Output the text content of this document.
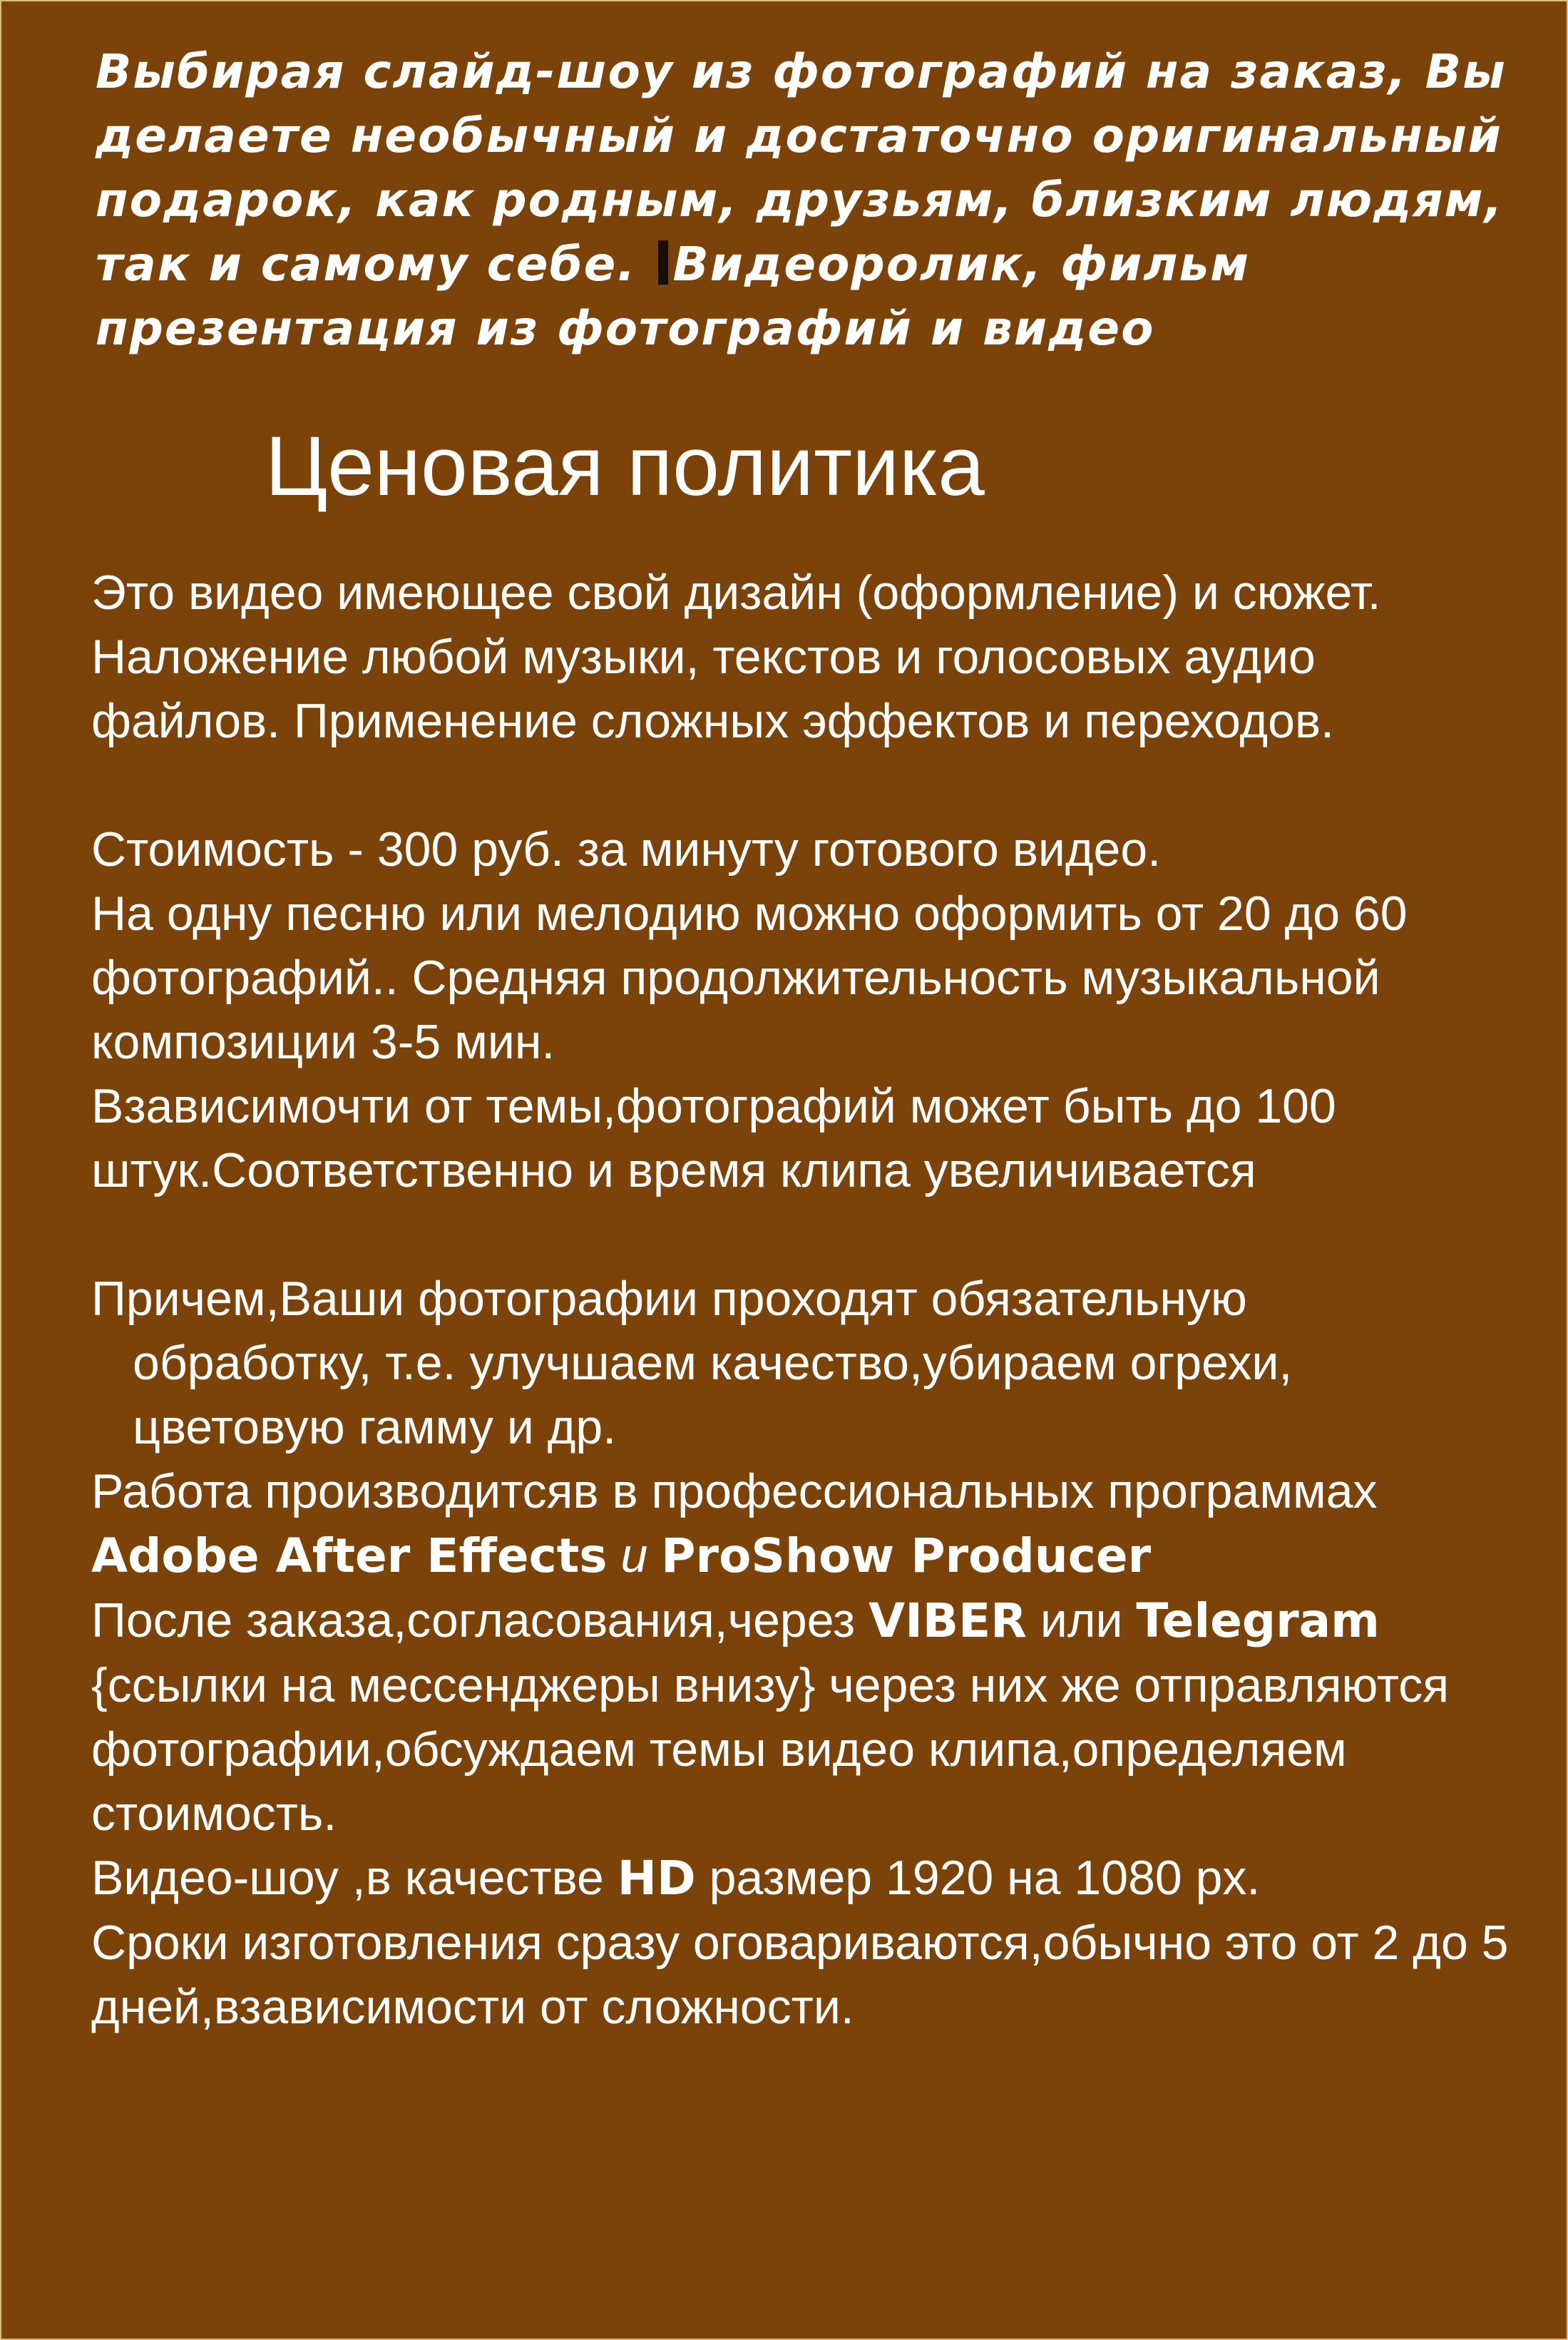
Выбирая слайд-шоу из фотографий на заказ, Вы делаете необычный и достаточно оригинальный подарок, как родным, друзьям, близким людям, так и самому себе. Видеоролик, фильм презентация из фотографий и видео
Ценовая политика

Это видео имеющее свой дизайн (оформление) и сюжет. Наложение любой музыки, текстов и голосовых аудио файлов. Применение сложных эффектов и переходов.

Стоимость - 300 руб. за минуту готового видео.

На одну песню или мелодию можно оформить от 20 до 60 фотографий.. Средняя продолжительность музыкальной композиции 3-5 мин.

Взависимочти от темы,фотографий может быть до 100 штук.Соответственно и время клипа увеличивается

Причем,Ваши фотографии проходят обязательную

обработку, т.е. улучшаем качество,убираем огрехи, цветовую гамму и др.

Работа производитсяв в профессиональных программах Adobe After Effects и ProShow Producer

После заказа,согласования,через VIBER или Telegram {ссылки на мессенджеры внизу} через них же отправляются фотографии,обсуждаем темы видео клипа,определяем стоимость.

Видео-шоу ,в качестве HD размер 1920 на 1080 px.

Сроки изготовления сразу оговариваются,обычно это от 2 до 5 дней,взависимости от сложности.
